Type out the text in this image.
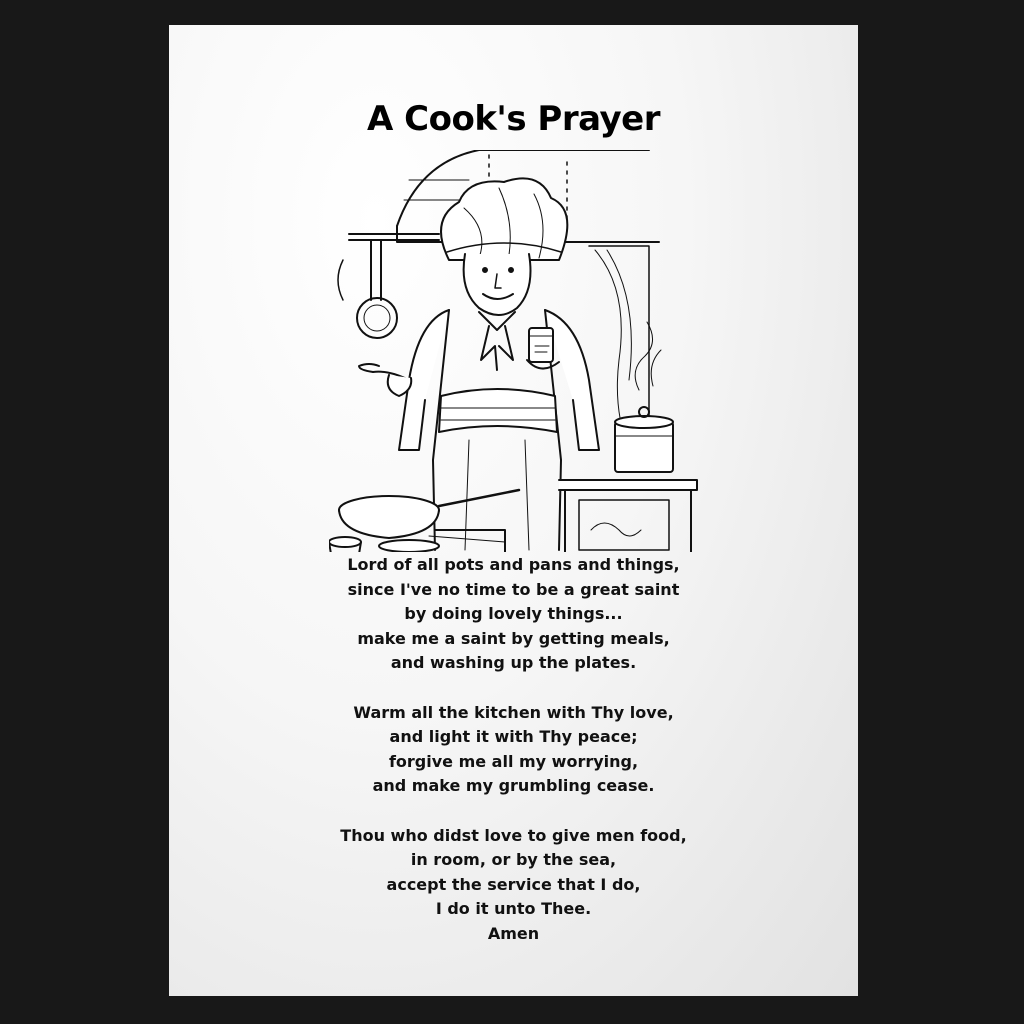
A Cook's Prayer
Lord of all pots and pans and things,
since I've no time to be a great saint
by doing lovely things...
make me a saint by getting meals,
and washing up the plates.
Warm all the kitchen with Thy love,
and light it with Thy peace;
forgive me all my worrying,
and make my grumbling cease.
Thou who didst love to give men food,
in room, or by the sea,
accept the service that I do,
I do it unto Thee.
Amen
